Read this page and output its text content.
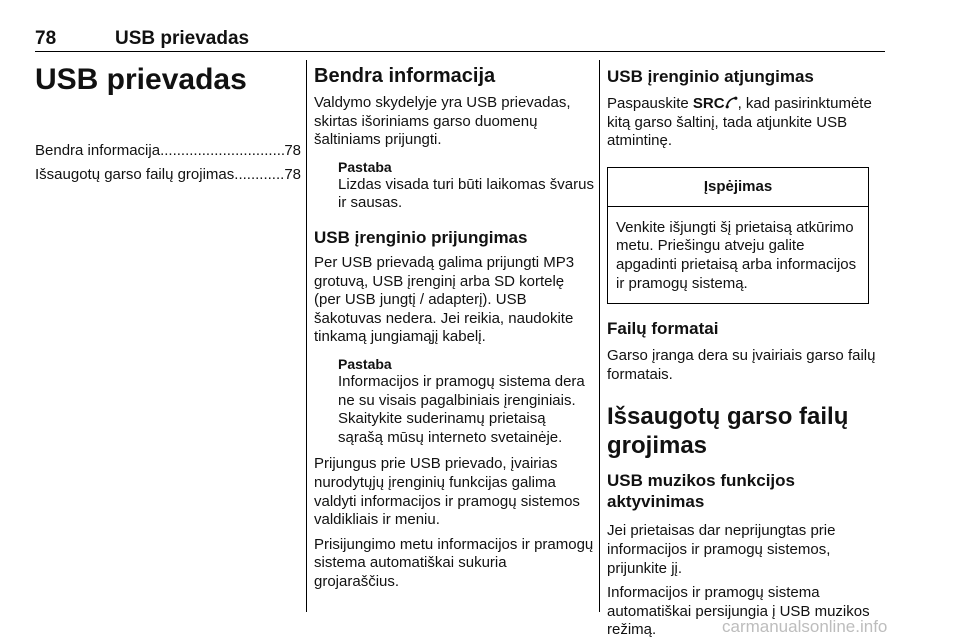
78	USB prievadas
USB prievadas
Bendra informacija .....	78
Išsaugotų garso failų grojimas .....	78
Bendra informacija

Valdymo skydelyje yra USB prievadas, skirtas išoriniams garso duomenų šaltiniams prijungti.

Pastaba

Lizdas visada turi būti laikomas švarus ir sausas.

USB įrenginio prijungimas

Per USB prievadą galima prijungti MP3 grotuvą, USB įrenginį arba SD kortelę (per USB jungtį / adapterį). USB šakotuvas nedera. Jei reikia, naudokite tinkamą jungiamąjį kabelį.

Pastaba

Informacijos ir pramogų sistema dera ne su visais pagalbiniais įrenginiais. Skaitykite suderinamų prietaisą sąrašą mūsų interneto svetainėje.

Prijungus prie USB prievado, įvairias nurodytųjų įrenginių funkcijas galima valdyti informacijos ir pramogų sistemos valdikliais ir meniu.

Prisijungimo metu informacijos ir pramogų sistema automatiškai sukuria grojaraščius.

USB įrenginio atjungimas

Paspauskite SRC , kad pasirinktumėte kitą garso šaltinį, tada atjunkite USB atmintinę.

Įspėjimas
Venkite išjungti šį prietaisą atkūrimo metu. Priešingu atveju galite apgadinti prietaisą arba informacijos ir pramogų sistemą.
Failų formatai

Garso įranga dera su įvairiais garso failų formatais.

Išsaugotų garso failų grojimas
USB muzikos funkcijos aktyvinimas

Jei prietaisas dar neprijungtas prie informacijos ir pramogų sistemos, prijunkite jį.

Informacijos ir pramogų sistema automatiškai persijungia į USB muzikos režimą.	carmanualsonline.info
